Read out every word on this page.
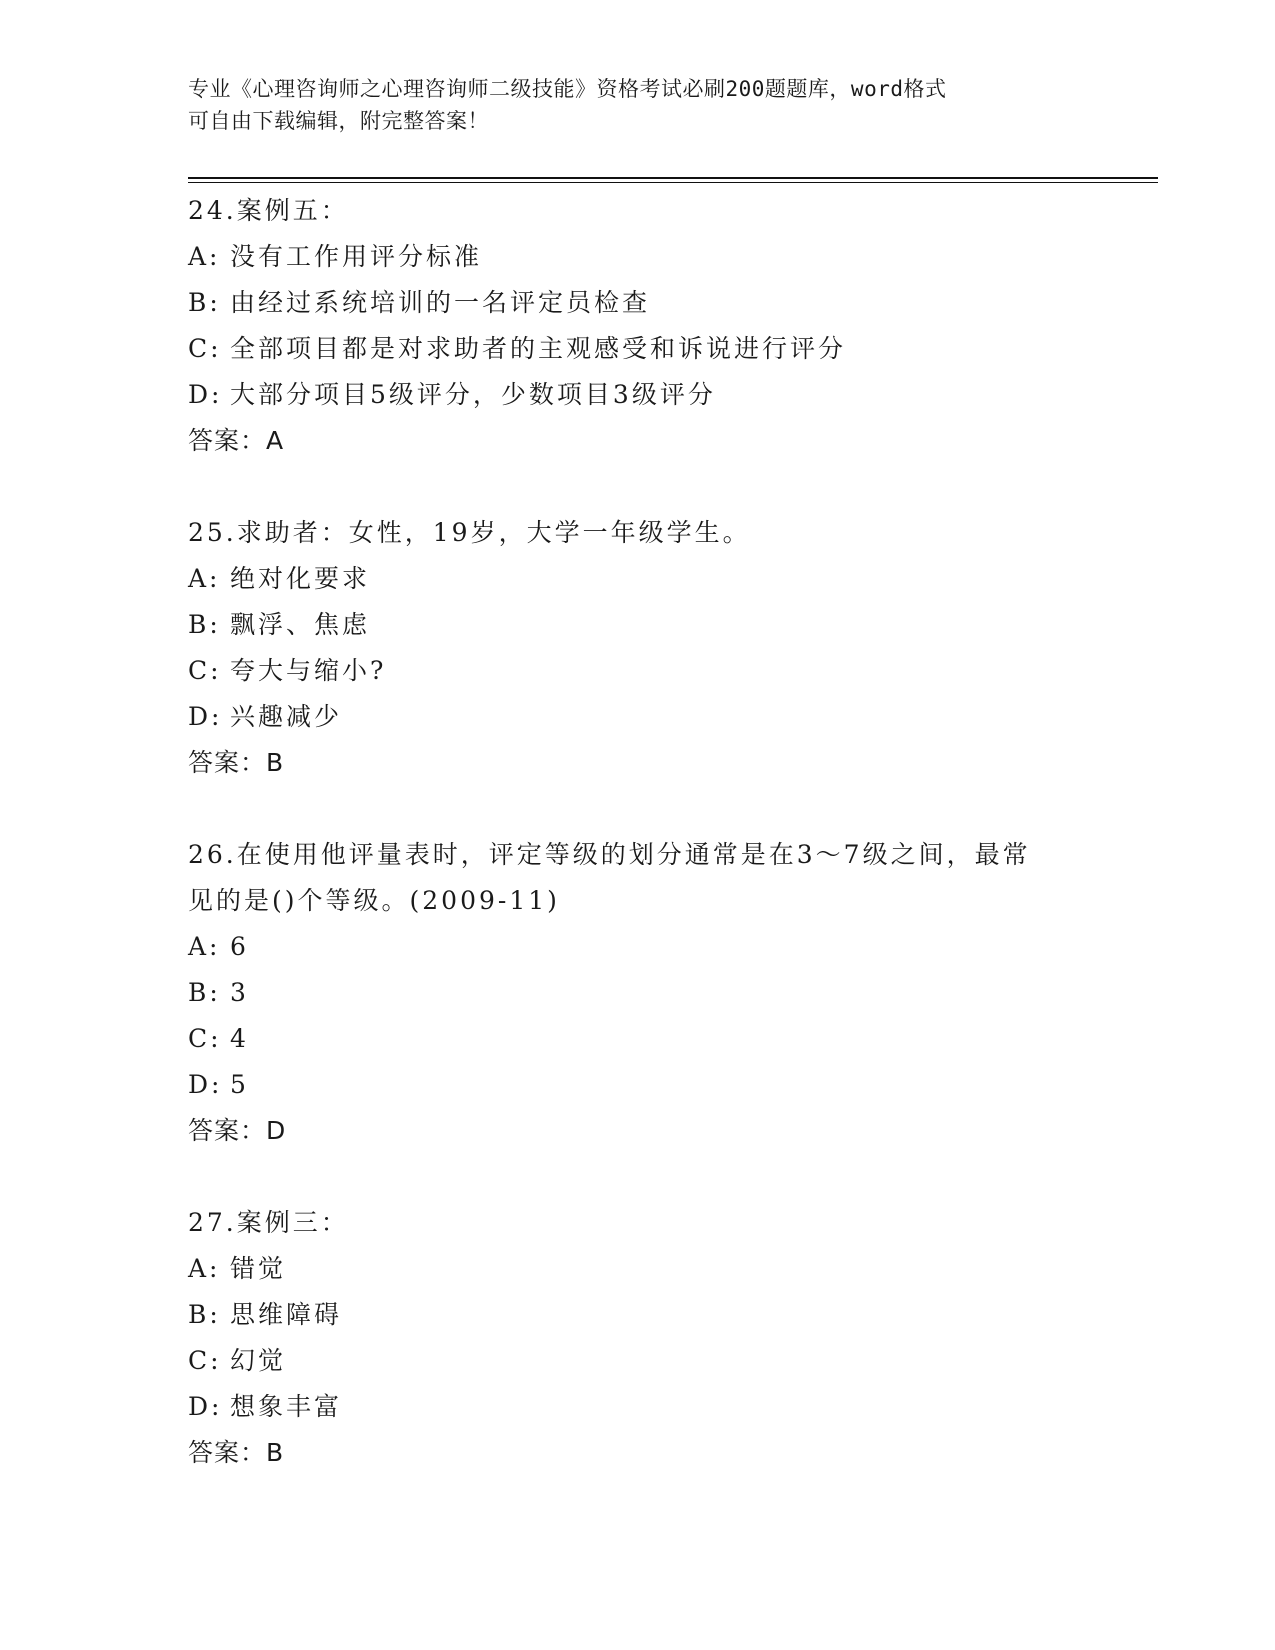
专业《心理咨询师之心理咨询师二级技能》资格考试必刷200题题库，word格式
可自由下载编辑，附完整答案！
24.案例五：
A: 没有工作用评分标准
B: 由经过系统培训的一名评定员检查
C: 全部项目都是对求助者的主观感受和诉说进行评分
D: 大部分项目5级评分，少数项目3级评分
答案：A
25.求助者：女性，19岁，大学一年级学生。
A: 绝对化要求
B: 飘浮、焦虑
C: 夸大与缩小?
D: 兴趣减少
答案：B
26.在使用他评量表时，评定等级的划分通常是在3～7级之间，最常
见的是()个等级。(2009-11)
A: 6
B: 3
C: 4
D: 5
答案：D
27.案例三：
A: 错觉
B: 思维障碍
C: 幻觉
D: 想象丰富
答案：B
